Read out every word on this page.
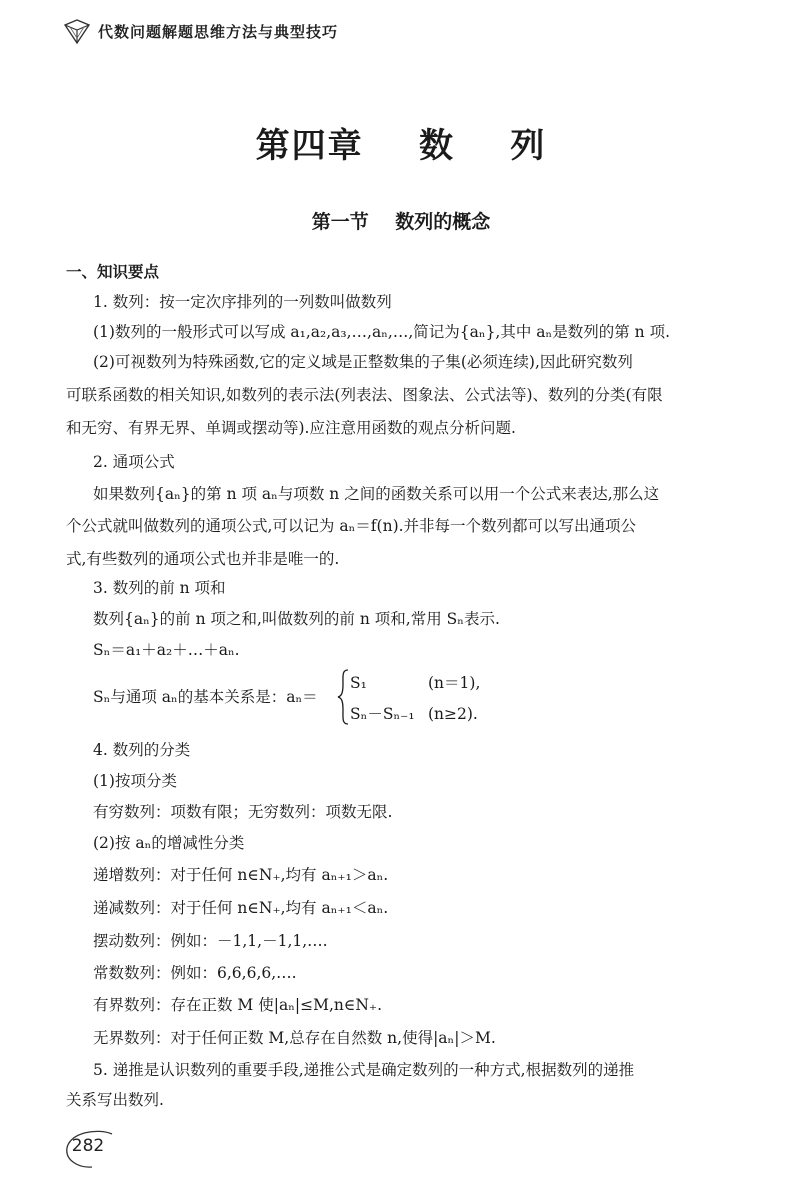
代数问题解题思维方法与典型技巧
第四章    数    列
第一节    数列的概念
一、知识要点
1. 数列：按一定次序排列的一列数叫做数列
(1)数列的一般形式可以写成 a₁,a₂,a₃,…,aₙ,…,简记为{aₙ},其中 aₙ是数列的第 n 项.
(2)可视数列为特殊函数,它的定义域是正整数集的子集(必须连续),因此研究数列
可联系函数的相关知识,如数列的表示法(列表法、图象法、公式法等)、数列的分类(有限
和无穷、有界无界、单调或摆动等).应注意用函数的观点分析问题.
2. 通项公式
如果数列{aₙ}的第 n 项 aₙ与项数 n 之间的函数关系可以用一个公式来表达,那么这
个公式就叫做数列的通项公式,可以记为 aₙ＝f(n).并非每一个数列都可以写出通项公
式,有些数列的通项公式也并非是唯一的.
3. 数列的前 n 项和
数列{aₙ}的前 n 项之和,叫做数列的前 n 项和,常用 Sₙ表示.
Sₙ＝a₁＋a₂＋…＋aₙ.
Sₙ与通项 aₙ的基本关系是：aₙ＝
S₁	(n＝1),
Sₙ－Sₙ₋₁ (n≥2).
4. 数列的分类
(1)按项分类
有穷数列：项数有限；无穷数列：项数无限.
(2)按 aₙ的增减性分类
递增数列：对于任何 n∈N₊,均有 aₙ₊₁＞aₙ.
递减数列：对于任何 n∈N₊,均有 aₙ₊₁＜aₙ.
摆动数列：例如：－1,1,－1,1,….
常数数列：例如：6,6,6,6,….
有界数列：存在正数 M 使|aₙ|≤M,n∈N₊.
无界数列：对于任何正数 M,总存在自然数 n,使得|aₙ|＞M.
5. 递推是认识数列的重要手段,递推公式是确定数列的一种方式,根据数列的递推
关系写出数列.
282
